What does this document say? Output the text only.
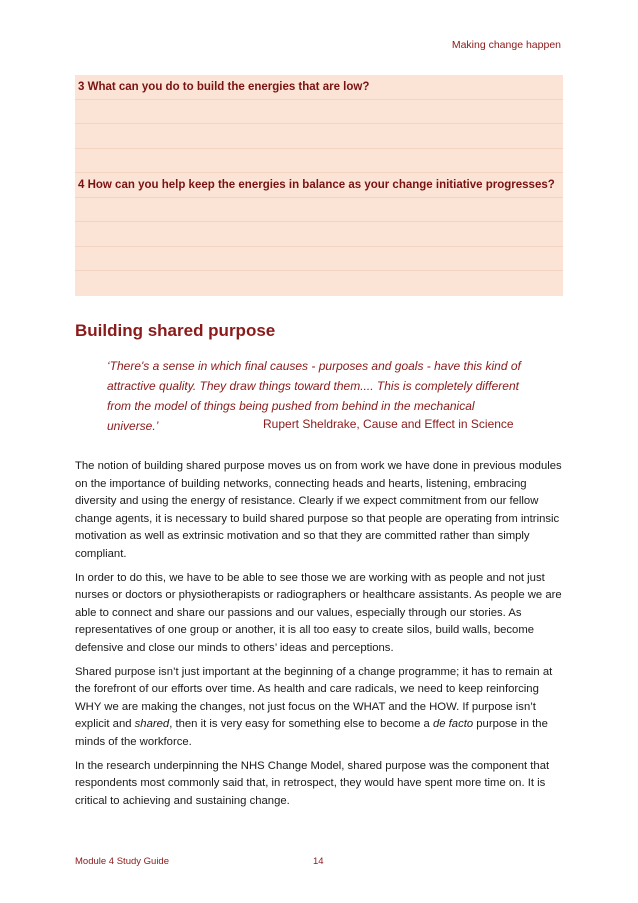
Making change happen
3 What can you do to build the energies that are low?
4 How can you help keep the energies in balance as your change initiative progresses?
Building shared purpose

‘There's a sense in which final causes - purposes and goals - have this kind of attractive quality. They draw things toward them.... This is completely different from the model of things being pushed from behind in the mechanical universe.’	Rupert Sheldrake, Cause and Effect in Science

The notion of building shared purpose moves us on from work we have done in previous modules on the importance of building networks, connecting heads and hearts, listening, embracing diversity and using the energy of resistance. Clearly if we expect commitment from our fellow change agents, it is necessary to build shared purpose so that people are operating from intrinsic motivation as well as extrinsic motivation and so that they are committed rather than simply compliant.

In order to do this, we have to be able to see those we are working with as people and not just nurses or doctors or physiotherapists or radiographers or healthcare assistants. As people we are able to connect and share our passions and our values, especially through our stories. As representatives of one group or another, it is all too easy to create silos, build walls, become defensive and close our minds to others’ ideas and perceptions.

Shared purpose isn’t just important at the beginning of a change programme; it has to remain at the forefront of our efforts over time. As health and care radicals, we need to keep reinforcing WHY we are making the changes, not just focus on the WHAT and the HOW. If purpose isn’t explicit and shared, then it is very easy for something else to become a de facto purpose in the minds of the workforce.

In the research underpinning the NHS Change Model, shared purpose was the component that respondents most commonly said that, in retrospect, they would have spent more time on. It is critical to achieving and sustaining change.

Module 4 Study Guide	14
